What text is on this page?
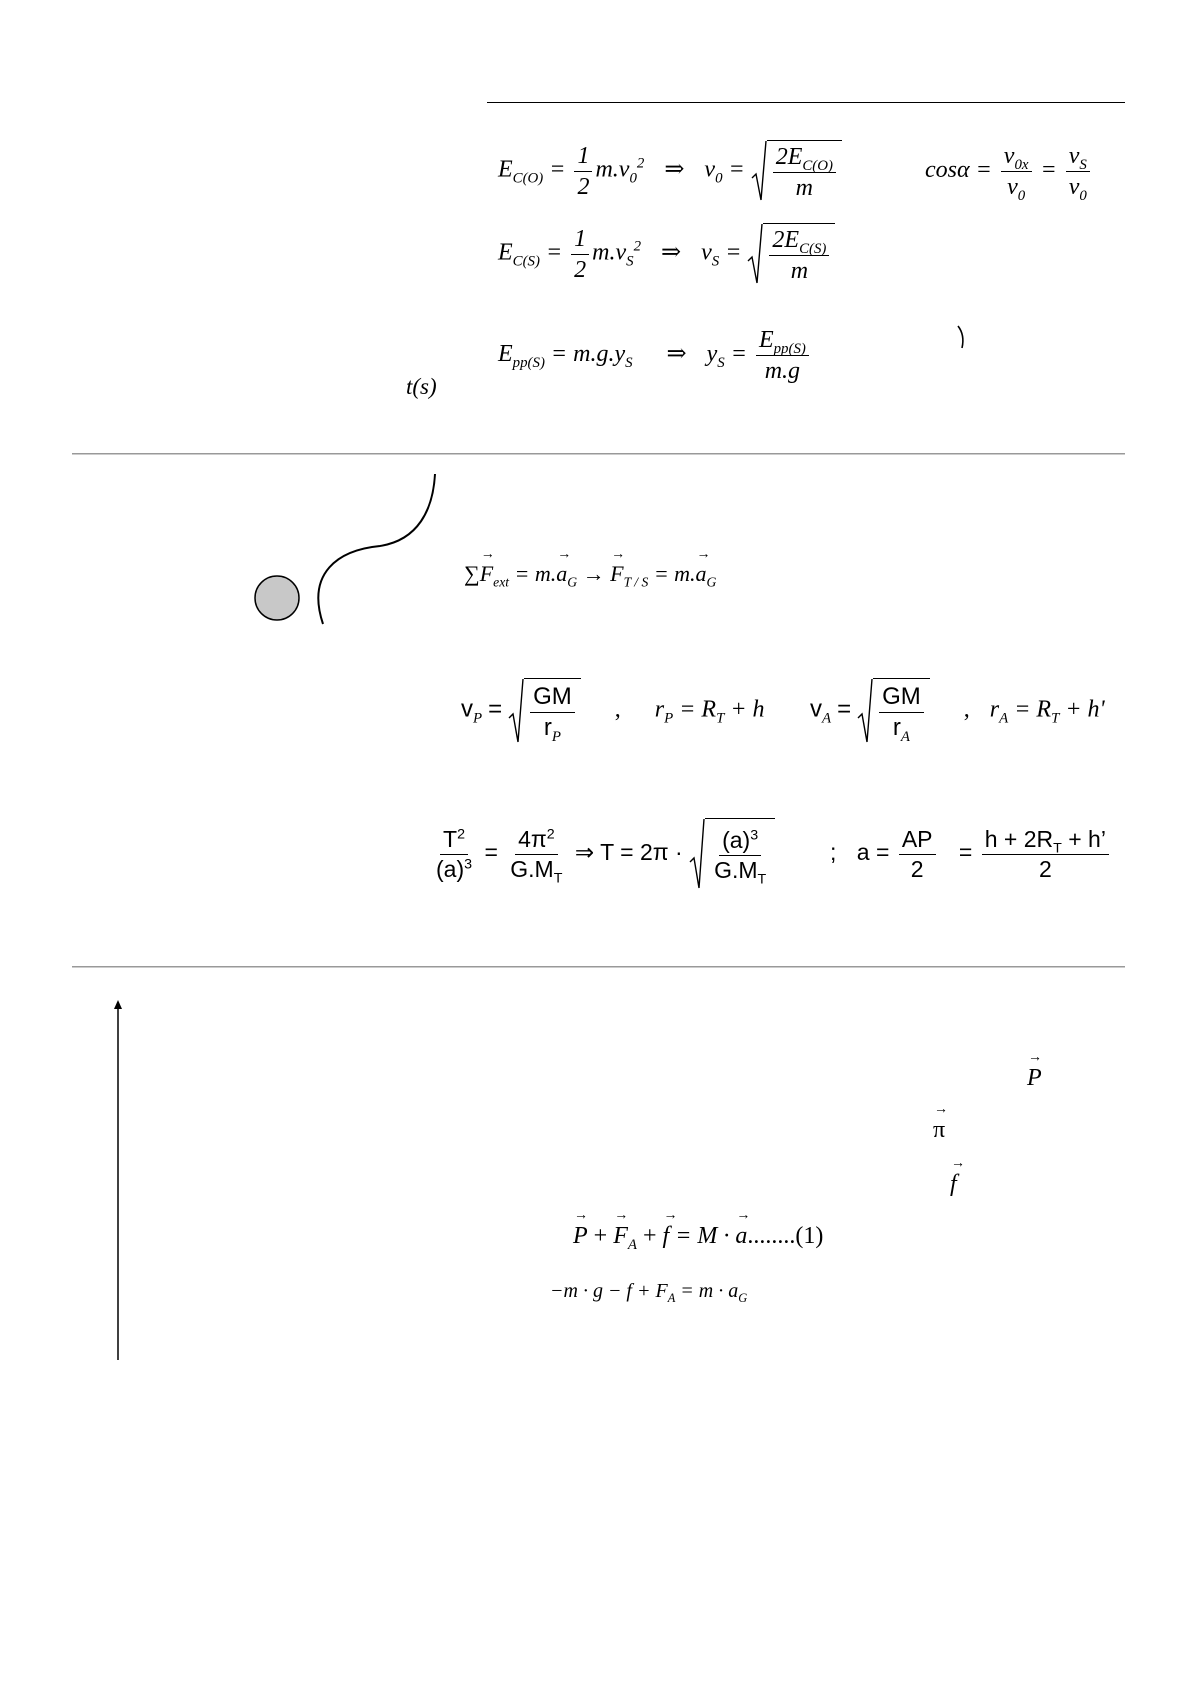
$E_{C(O)} = \frac{1}{2} m.v_0^2$ ⇒ $v_0 = \frac{2E_{C(O)}}{m}$	$\cos\alpha = \frac{v_{0x}}{v_0} = \frac{v_S}{v_0}$
$E_{C(S)} = \frac{1}{2} m.v_S^2$ ⇒ $v_S = \frac{2E_{C(S)}}{m}$
$E_{pp(S)} = m.g.y_S$ ⇒ $y_S = \frac{E_{pp(S)}}{m.g}$
t(s)
∑→ $F_{ext} = m.\to a_G$ → → $F_{T / S} = m.\to a_G$
$v_P = \frac{GM}{r_P}$ , $r_P = R_T + h$ $v_A = \frac{GM}{r_A}$ , $r_A = R_T + h'$
$\frac{T^2}{(a)^3} = \frac{4\pi^2}{G.M_T}$ ⇒ $T = 2\pi \cdot \frac{(a)^3}{G.M_T}$	; $a = \frac{AP}{2} = \frac{h + 2R_T + h’}{2}$
→ P
→ π
→ f
→ P + → $F_A$ + → f = M · → a........(1)
$-m \cdot g - f + F_A = m \cdot a_G$
